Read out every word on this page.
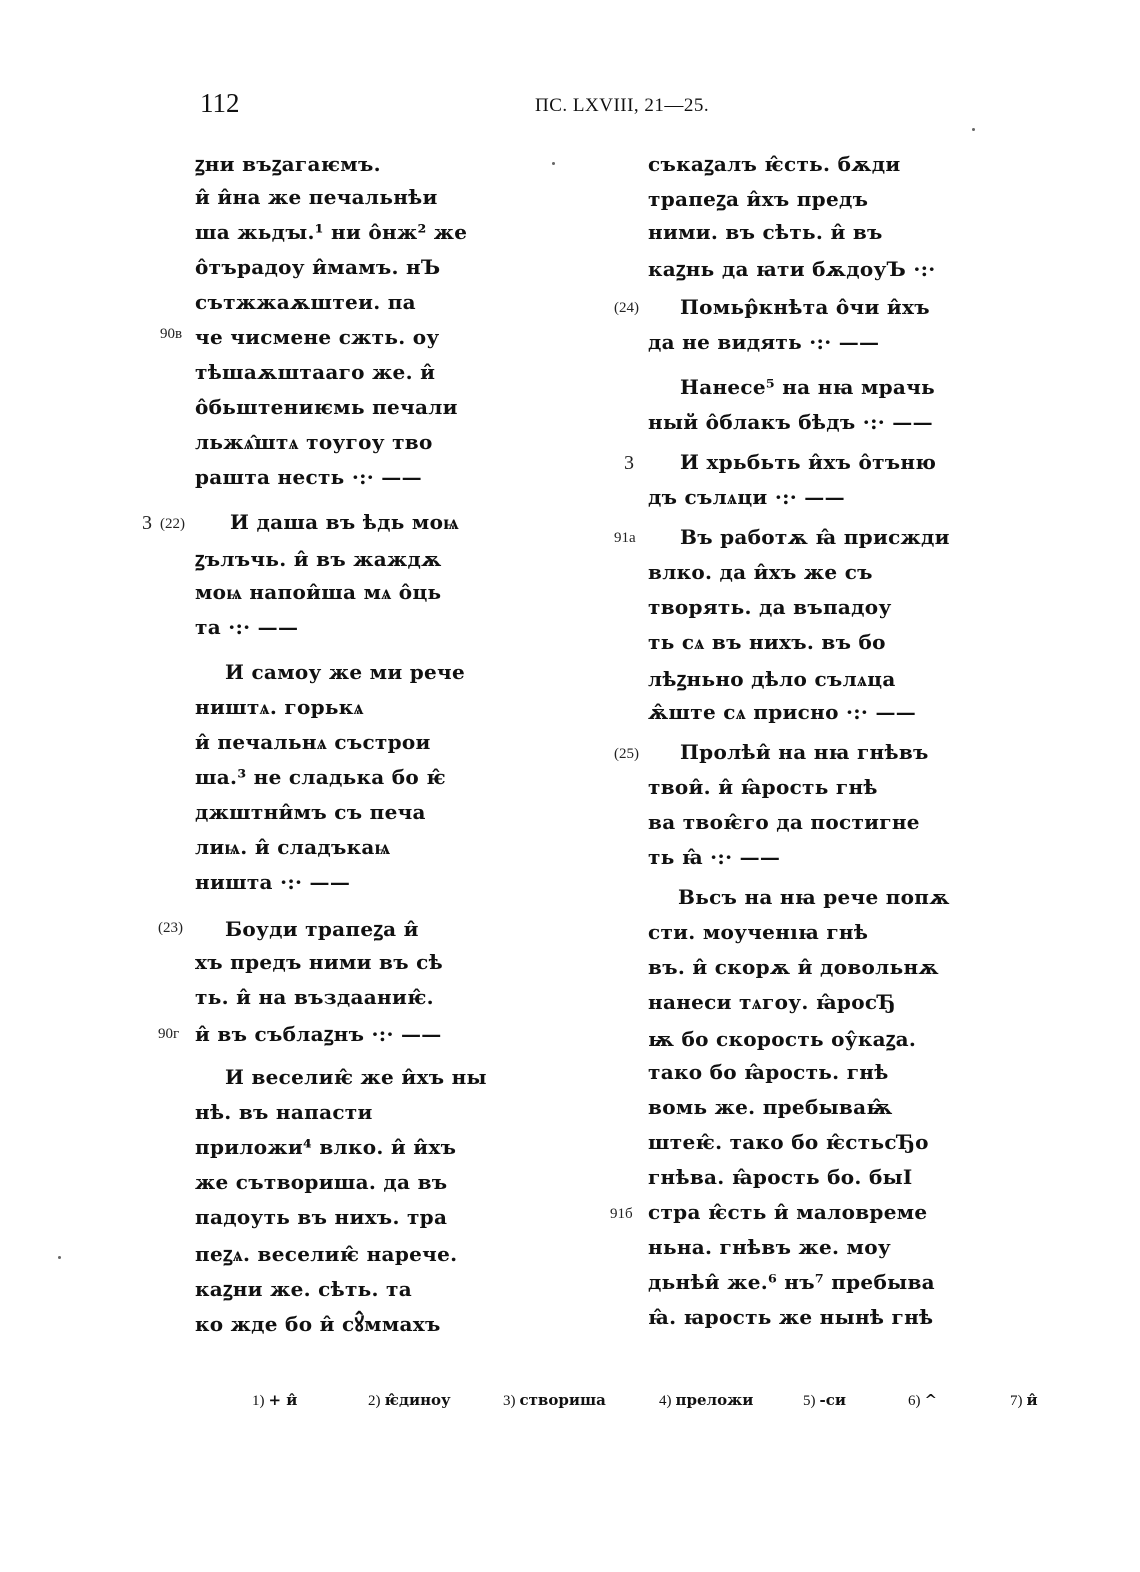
112	ПС. LXVIII, 21—25.
ꙁни въꙁагаѥмъ.
и̂ и̂на же печальнѣи
ша жьдꙑ.¹ ни о̂нж² же
о̂търадоу и̂мамъ. нЪ
сътжжаѫштеи. па
че чисмене сжть. оу
тѣшаѫштааго же. и̂
о̂бьштениѥмь печали
льжѧ̂штѧ тоугоу тво
рашта несть ·:· ——
И даша въ ѣдь моѩ
ꙁълъчь. и̂ въ жаждѫ
моѩ напои̂ша мѧ о̂ць
та ·:· ——
И самоу же ми рече
ништѧ. горькѧ
и̂ печальнѧ състрои
ша.³ не сладька бо ѥ̂
джштни̂мъ съ печа
лиѩ. и̂ сладъкаѩ
ништа ·:· ——
Боуди трапеꙁа и̂
хъ предъ ними въ сѣ
ть. и̂ на въздааниѥ̂.
и̂ въ съблаꙁнъ ·:· ——
И веселиѥ̂ же и̂хъ ны
нѣ. въ напасти
приложи⁴ влко. и̂ и̂хъ
же сътвориша. да въ
падоуть въ нихъ. тра
пеꙁѧ. веселиѥ̂ нарече.
каꙁни же. сѣть. та
ко жде бо и̂ сꙋ̂ммахъ
съкаꙁалъ ѥ̂сть. бѫди
трапеꙁа и̂хъ предъ
ними. въ сѣть. и̂ въ
каꙁнь да ꙗти бѫдоуЪ ·:·
Помьр̂кнѣта о̂чи и̂хъ
да не видять ·:· ——
Нанесе⁵ на нꙗ мрачь
ный о̂блакъ бѣдъ ·:· ——
И хрьбьть и̂хъ о̂тъню
дъ сълѧци ·:· ——
Въ работѫ ꙗ̂ присжди
влко. да и̂хъ же съ
творять. да въпадоу
ть сѧ въ нихъ. въ бо
лѣꙁньно дѣло сълѧца
ѫ̂ште сѧ присно ·:· ——
Пролѣи̂ на нꙗ гнѣвъ
твои̂. и̂ ꙗ̂рость гнѣ
ва твоѥ̂го да постигне
ть ꙗ̂ ·:· ——
Вьсъ на нꙗ рече попѫ
сти. моученıꙗ гнѣ
въ. и̂ скорѫ и̂ довольнѫ
нанеси тѧгоу. ꙗ̂росЂ
ѭ бо скорость оу̂каꙁа.
тако бо ꙗ̂рость. гнѣ
вомь же. пребываѭ̂
штеѥ̂. тако бо ѥ̂стьсЂо
гнѣва. ꙗ̂рость бо. быI
стра ѥ̂сть и̂ маловреме
ньна. гнѣвъ же. моу
дьнѣи̂ же.⁶ нъ⁷ пребыва
ꙗ̂. ꙗрость же нынѣ гнѣ
90в
3 (22)
(23)
90г
(24)
3
91а
(25)
91б
1) + и̂	2) ѥ̂диноу	3) створиша	4) преложи	5) -си	6) ^	7) и̂
